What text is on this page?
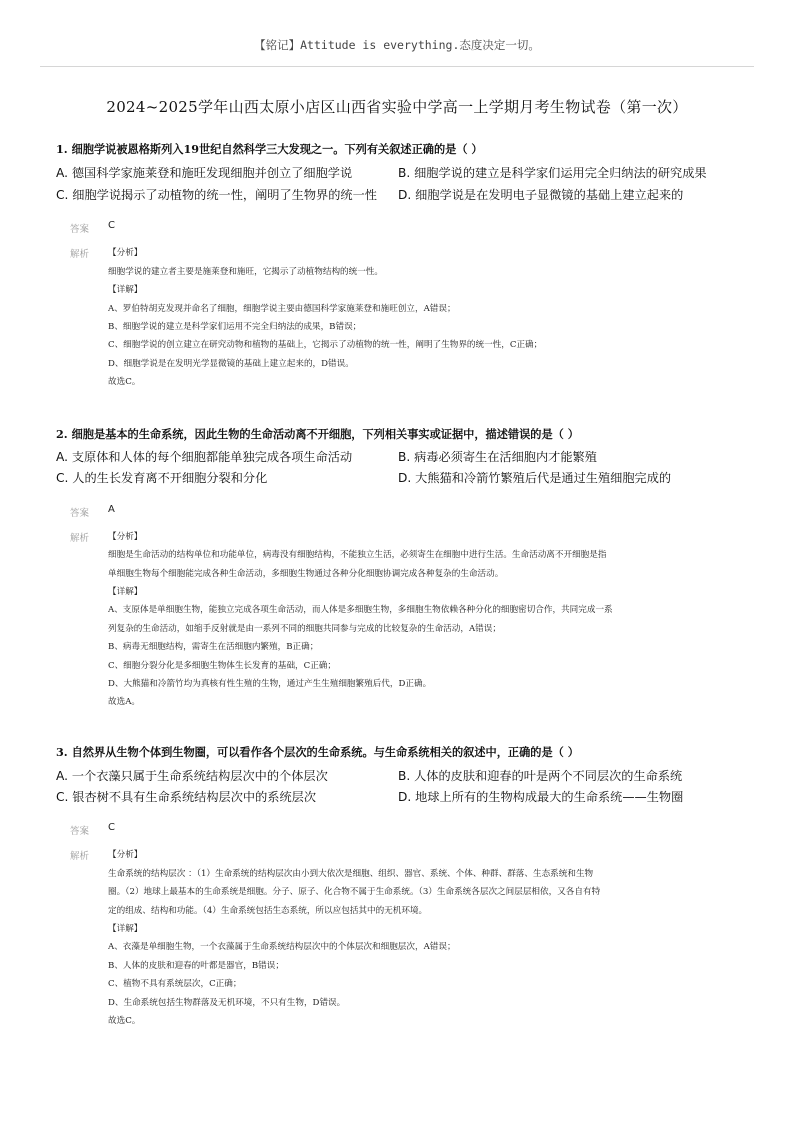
【铭记】Attitude is everything.态度决定一切。
2024~2025学年山西太原小店区山西省实验中学高一上学期月考生物试卷（第一次）
1. 细胞学说被恩格斯列入19世纪自然科学三大发现之一。下列有关叙述正确的是（ ）
A. 德国科学家施莱登和施旺发现细胞并创立了细胞学说	B. 细胞学说的建立是科学家们运用完全归纳法的研究成果
C. 细胞学说揭示了动植物的统一性，阐明了生物界的统一性 D. 细胞学说是在发明电子显微镜的基础上建立起来的
答案 C
解析 【分析】
细胞学说的建立者主要是施莱登和施旺，它揭示了动植物结构的统一性。
【详解】
A、罗伯特胡克发现并命名了细胞，细胞学说主要由德国科学家施莱登和施旺创立，A错误；
B、细胞学说的建立是科学家们运用不完全归纳法的成果，B错误；
C、细胞学说的创立建立在研究动物和植物的基础上，它揭示了动植物的统一性，阐明了生物界的统一性，C正确；
D、细胞学说是在发明光学显微镜的基础上建立起来的，D错误。
故选C。
2. 细胞是基本的生命系统，因此生物的生命活动离不开细胞，下列相关事实或证据中，描述错误的是（ ）
A. 支原体和人体的每个细胞都能单独完成各项生命活动	B. 病毒必须寄生在活细胞内才能繁殖
C. 人的生长发育离不开细胞分裂和分化	D. 大熊猫和冷箭竹繁殖后代是通过生殖细胞完成的
答案 A
解析 【分析】
细胞是生命活动的结构单位和功能单位，病毒没有细胞结构，不能独立生活，必须寄生在细胞中进行生活。生命活动离不开细胞是指
单细胞生物每个细胞能完成各种生命活动，多细胞生物通过各种分化细胞协调完成各种复杂的生命活动。
【详解】
A、支原体是单细胞生物，能独立完成各项生命活动，而人体是多细胞生物，多细胞生物依赖各种分化的细胞密切合作，共同完成一系
列复杂的生命活动，如缩手反射就是由一系列不同的细胞共同参与完成的比较复杂的生命活动，A错误；
B、病毒无细胞结构，需寄生在活细胞内繁殖，B正确；
C、细胞分裂分化是多细胞生物体生长发育的基础，C正确；
D、大熊猫和冷箭竹均为真核有性生殖的生物，通过产生生殖细胞繁殖后代，D正确。
故选A。
3. 自然界从生物个体到生物圈，可以看作各个层次的生命系统。与生命系统相关的叙述中，正确的是（ ）
A. 一个衣藻只属于生命系统结构层次中的个体层次	B. 人体的皮肤和迎春的叶是两个不同层次的生命系统
C. 银杏树不具有生命系统结构层次中的系统层次	D. 地球上所有的生物构成最大的生命系统——生物圈
答案 C
解析 【分析】
生命系统的结构层次 ：（1）生命系统的结构层次由小到大依次是细胞、组织、器官、系统、个体、种群、群落、生态系统和生物
圈。（2）地球上最基本的生命系统是细胞。分子、原子、化合物不属于生命系统。（3）生命系统各层次之间层层相依，又各自有特
定的组成、结构和功能。（4）生命系统包括生态系统，所以应包括其中的无机环境。
【详解】
A、衣藻是单细胞生物，一个衣藻属于生命系统结构层次中的个体层次和细胞层次，A错误；
B、人体的皮肤和迎春的叶都是器官，B错误；
C、植物不具有系统层次，C正确；
D、生命系统包括生物群落及无机环境，不只有生物，D错误。
故选C。
